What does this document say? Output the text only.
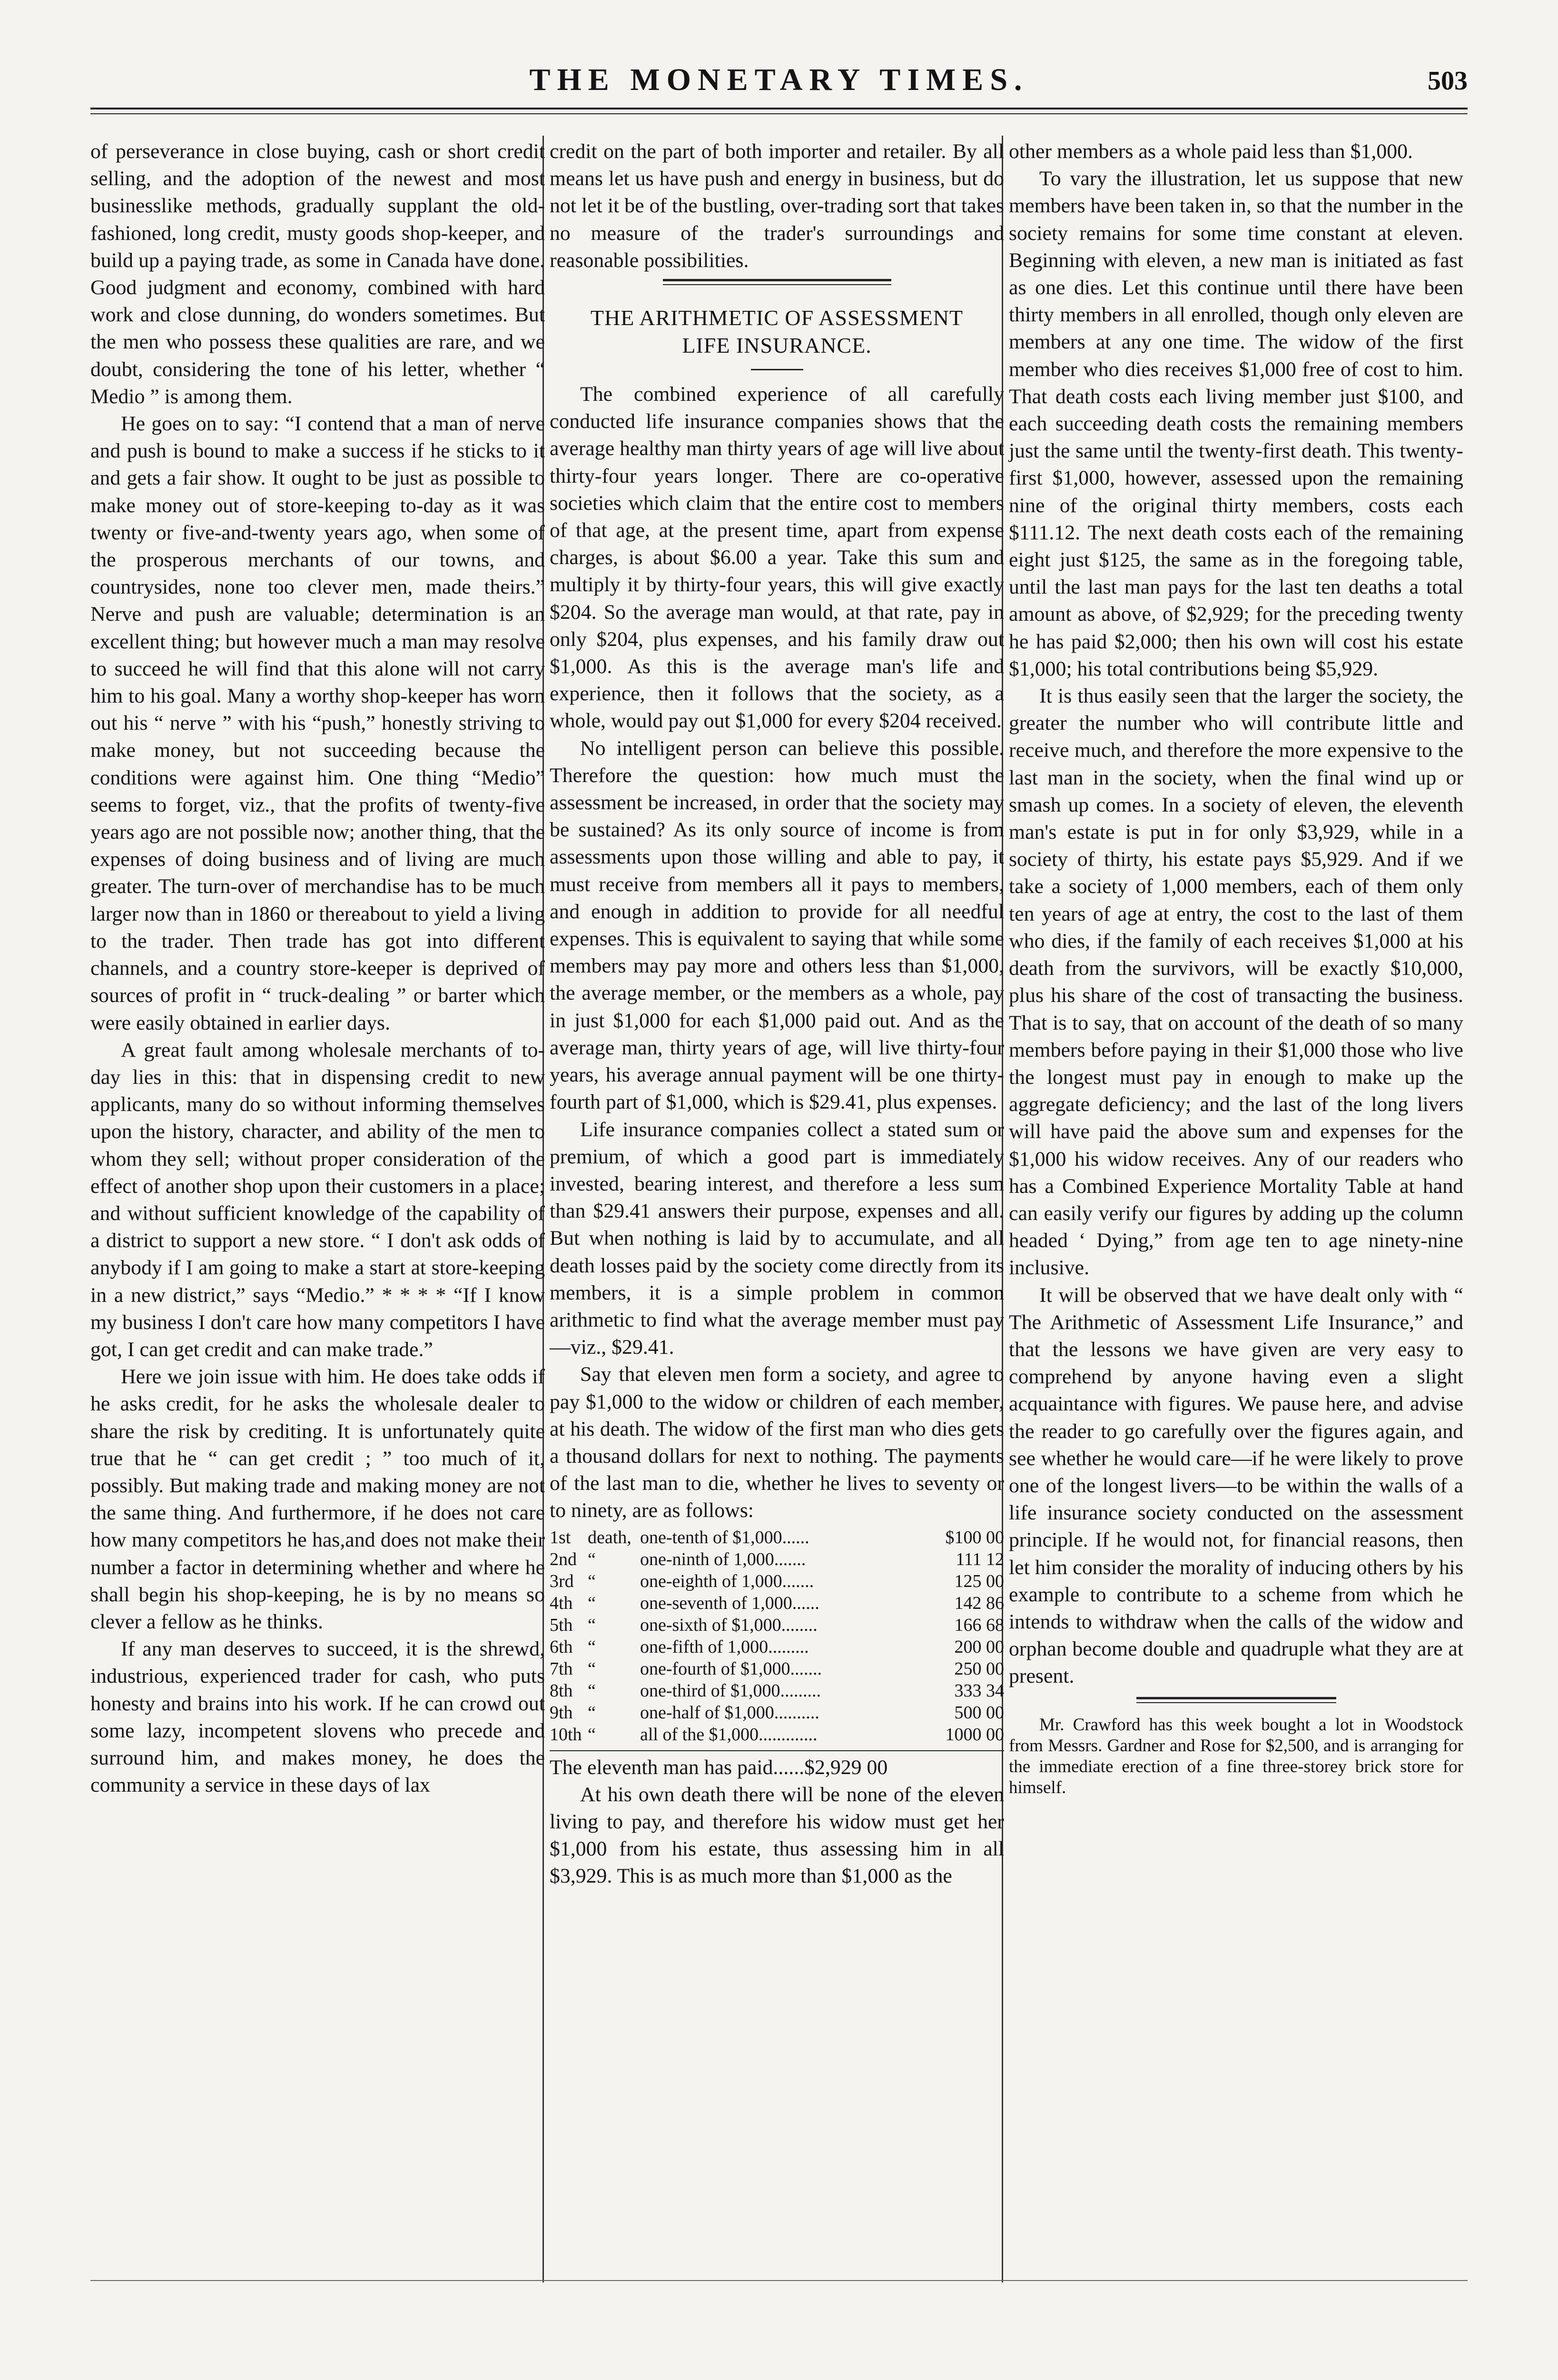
THE MONETARY TIMES.	503

of perseverance in close buying, cash or short credit selling, and the adoption of the newest and most businesslike methods, gradually supplant the old-fashioned, long credit, musty goods shop-keeper, and build up a paying trade, as some in Canada have done. Good judgment and economy, combined with hard work and close dunning, do wonders sometimes. But the men who possess these qualities are rare, and we doubt, considering the tone of his letter, whether “ Medio ” is among them.

He goes on to say: “I contend that a man of nerve and push is bound to make a success if he sticks to it and gets a fair show. It ought to be just as possible to make money out of store-keeping to-day as it was twenty or five-and-twenty years ago, when some of the prosperous merchants of our towns, and countrysides, none too clever men, made theirs.” Nerve and push are valuable; determination is an excellent thing; but however much a man may resolve to succeed he will find that this alone will not carry him to his goal. Many a worthy shop-keeper has worn out his “ nerve ” with his “push,” honestly striving to make money, but not succeeding because the conditions were against him. One thing “Medio” seems to forget, viz., that the profits of twenty-five years ago are not possible now; another thing, that the expenses of doing business and of living are much greater. The turn-over of merchandise has to be much larger now than in 1860 or thereabout to yield a living to the trader. Then trade has got into different channels, and a country store-keeper is deprived of sources of profit in “ truck-dealing ” or barter which were easily obtained in earlier days.

A great fault among wholesale merchants of to-day lies in this: that in dispensing credit to new applicants, many do so without informing themselves upon the history, character, and ability of the men to whom they sell; without proper consideration of the effect of another shop upon their customers in a place; and without sufficient knowledge of the capability of a district to support a new store. “ I don't ask odds of anybody if I am going to make a start at store-keeping in a new district,” says “Medio.” * * * * “If I know my business I don't care how many competitors I have got, I can get credit and can make trade.”

Here we join issue with him. He does take odds if he asks credit, for he asks the wholesale dealer to share the risk by crediting. It is unfortunately quite true that he “ can get credit ; ” too much of it, possibly. But making trade and making money are not the same thing. And furthermore, if he does not care how many competitors he has,and does not make their number a factor in determining whether and where he shall begin his shop-keeping, he is by no means so clever a fellow as he thinks.

If any man deserves to succeed, it is the shrewd, industrious, experienced trader for cash, who puts honesty and brains into his work. If he can crowd out some lazy, incompetent slovens who precede and surround him, and makes money, he does the community a service in these days of lax

credit on the part of both importer and retailer. By all means let us have push and energy in business, but do not let it be of the bustling, over-trading sort that takes no measure of the trader's surroundings and reasonable possibilities.

THE ARITHMETIC OF ASSESSMENT
LIFE INSURANCE.

The combined experience of all carefully conducted life insurance companies shows that the average healthy man thirty years of age will live about thirty-four years longer. There are co-operative societies which claim that the entire cost to members of that age, at the present time, apart from expense charges, is about $6.00 a year. Take this sum and multiply it by thirty-four years, this will give exactly $204. So the average man would, at that rate, pay in only $204, plus expenses, and his family draw out $1,000. As this is the average man's life and experience, then it follows that the society, as a whole, would pay out $1,000 for every $204 received.

No intelligent person can believe this possible. Therefore the question: how much must the assessment be increased, in order that the society may be sustained? As its only source of income is from assessments upon those willing and able to pay, it must receive from members all it pays to members, and enough in addition to provide for all needful expenses. This is equivalent to saying that while some members may pay more and others less than $1,000, the average member, or the members as a whole, pay in just $1,000 for each $1,000 paid out. And as the average man, thirty years of age, will live thirty-four years, his average annual payment will be one thirty-fourth part of $1,000, which is $29.41, plus expenses.

Life insurance companies collect a stated sum or premium, of which a good part is immediately invested, bearing interest, and therefore a less sum than $29.41 answers their purpose, expenses and all. But when nothing is laid by to accumulate, and all death losses paid by the society come directly from its members, it is a simple problem in common arithmetic to find what the average member must pay—viz., $29.41.

Say that eleven men form a society, and agree to pay $1,000 to the widow or children of each member, at his death. The widow of the first man who dies gets a thousand dollars for next to nothing. The payments of the last man to die, whether he lives to seventy or to ninety, are as follows:

1st	death,	one-tenth of $1,000......	$100 00
2nd	“	one-ninth of 1,000.......	111 12
3rd	“	one-eighth of 1,000.......	125 00
4th	“	one-seventh of 1,000......	142 86
5th	“	one-sixth of $1,000........	166 68
6th	“	one-fifth of 1,000.........	200 00
7th	“	one-fourth of $1,000.......	250 00
8th	“	one-third of $1,000.........	333 34
9th	“	one-half of $1,000..........	500 00
10th	“	all of the $1,000.............	1000 00
The eleventh man has paid......$2,929 00

At his own death there will be none of the eleven living to pay, and therefore his widow must get her $1,000 from his estate, thus assessing him in all $3,929. This is as much more than $1,000 as the

other members as a whole paid less than $1,000.

To vary the illustration, let us suppose that new members have been taken in, so that the number in the society remains for some time constant at eleven. Beginning with eleven, a new man is initiated as fast as one dies. Let this continue until there have been thirty members in all enrolled, though only eleven are members at any one time. The widow of the first member who dies receives $1,000 free of cost to him. That death costs each living member just $100, and each succeeding death costs the remaining members just the same until the twenty-first death. This twenty-first $1,000, however, assessed upon the remaining nine of the original thirty members, costs each $111.12. The next death costs each of the remaining eight just $125, the same as in the foregoing table, until the last man pays for the last ten deaths a total amount as above, of $2,929; for the preceding twenty he has paid $2,000; then his own will cost his estate $1,000; his total contributions being $5,929.

It is thus easily seen that the larger the society, the greater the number who will contribute little and receive much, and therefore the more expensive to the last man in the society, when the final wind up or smash up comes. In a society of eleven, the eleventh man's estate is put in for only $3,929, while in a society of thirty, his estate pays $5,929. And if we take a society of 1,000 members, each of them only ten years of age at entry, the cost to the last of them who dies, if the family of each receives $1,000 at his death from the survivors, will be exactly $10,000, plus his share of the cost of transacting the business. That is to say, that on account of the death of so many members before paying in their $1,000 those who live the longest must pay in enough to make up the aggregate deficiency; and the last of the long livers will have paid the above sum and expenses for the $1,000 his widow receives. Any of our readers who has a Combined Experience Mortality Table at hand can easily verify our figures by adding up the column headed ‘ Dying,” from age ten to age ninety-nine inclusive.

It will be observed that we have dealt only with “ The Arithmetic of Assessment Life Insurance,” and that the lessons we have given are very easy to comprehend by anyone having even a slight acquaintance with figures. We pause here, and advise the reader to go carefully over the figures again, and see whether he would care—if he were likely to prove one of the longest livers—to be within the walls of a life insurance society conducted on the assessment principle. If he would not, for financial reasons, then let him consider the morality of inducing others by his example to contribute to a scheme from which he intends to withdraw when the calls of the widow and orphan become double and quadruple what they are at present.

Mr. Crawford has this week bought a lot in Woodstock from Messrs. Gardner and Rose for $2,500, and is arranging for the immediate erection of a fine three-storey brick store for himself.
